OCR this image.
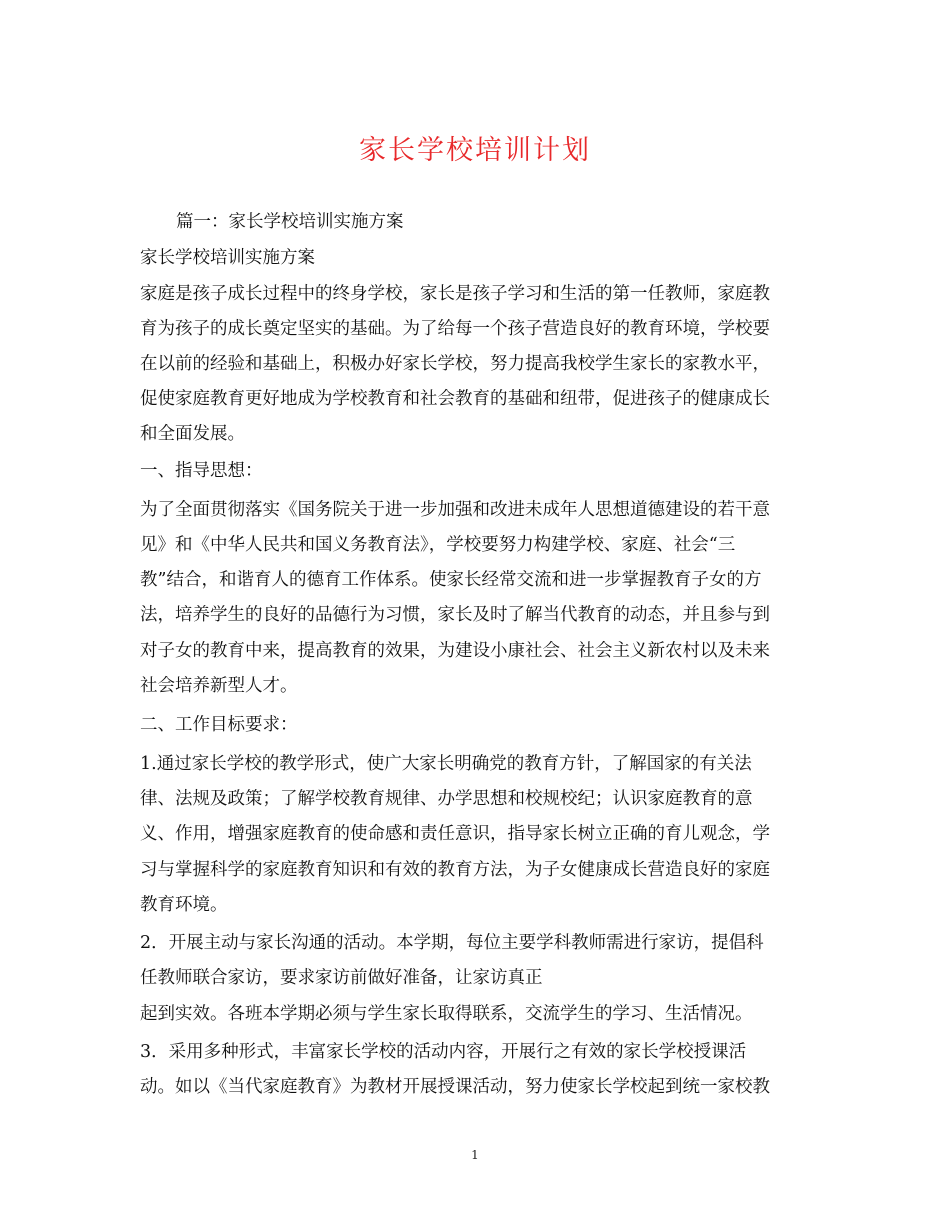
家长学校培训计划
篇一：家长学校培训实施方案
家长学校培训实施方案
家庭是孩子成长过程中的终身学校，家长是孩子学习和生活的第一任教师，家庭教
育为孩子的成长奠定坚实的基础。为了给每一个孩子营造良好的教育环境，学校要
在以前的经验和基础上，积极办好家长学校，努力提高我校学生家长的家教水平，
促使家庭教育更好地成为学校教育和社会教育的基础和纽带，促进孩子的健康成长
和全面发展。
一、指导思想：
为了全面贯彻落实《国务院关于进一步加强和改进未成年人思想道德建设的若干意
见》和《中华人民共和国义务教育法》，学校要努力构建学校、家庭、社会“三
教”结合，和谐育人的德育工作体系。使家长经常交流和进一步掌握教育子女的方
法，培养学生的良好的品德行为习惯，家长及时了解当代教育的动态，并且参与到
对子女的教育中来，提高教育的效果，为建设小康社会、社会主义新农村以及未来
社会培养新型人才。
二、工作目标要求：
1.通过家长学校的教学形式，使广大家长明确党的教育方针，了解国家的有关法
律、法规及政策；了解学校教育规律、办学思想和校规校纪；认识家庭教育的意
义、作用，增强家庭教育的使命感和责任意识，指导家长树立正确的育儿观念，学
习与掌握科学的家庭教育知识和有效的教育方法，为子女健康成长营造良好的家庭
教育环境。
2．开展主动与家长沟通的活动。本学期，每位主要学科教师需进行家访，提倡科
任教师联合家访，要求家访前做好准备，让家访真正
起到实效。各班本学期必须与学生家长取得联系，交流学生的学习、生活情况。
3．采用多种形式，丰富家长学校的活动内容，开展行之有效的家长学校授课活
动。如以《当代家庭教育》为教材开展授课活动，努力使家长学校起到统一家校教
1
